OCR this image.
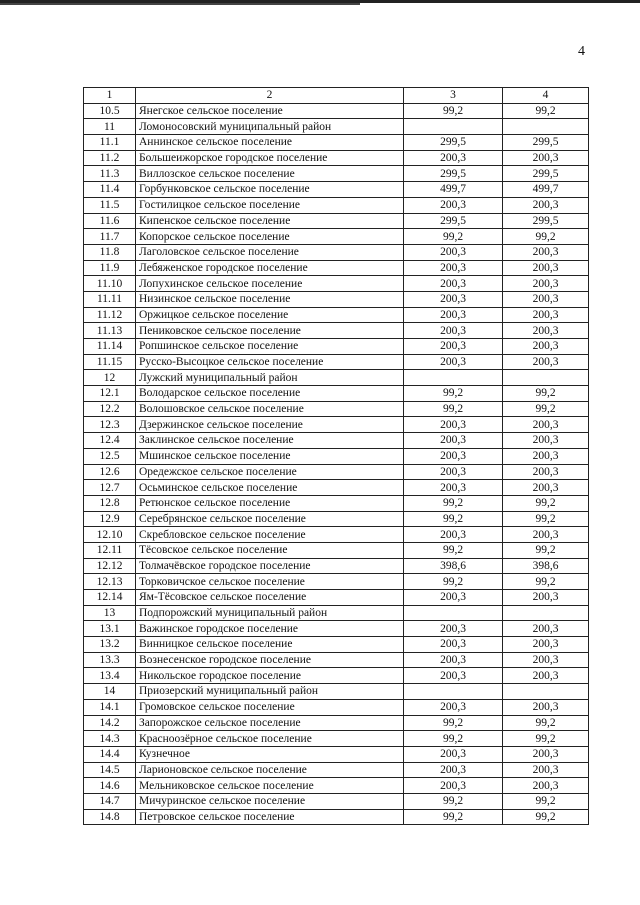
4
1	2	3	4
10.5	Янегское сельское поселение	99,2	99,2
11	Ломоносовский муниципальный район		
11.1	Аннинское сельское поселение	299,5	299,5
11.2	Большеижорское городское поселение	200,3	200,3
11.3	Виллозское сельское поселение	299,5	299,5
11.4	Горбунковское сельское поселение	499,7	499,7
11.5	Гостилицкое сельское поселение	200,3	200,3
11.6	Кипенское сельское поселение	299,5	299,5
11.7	Копорское сельское поселение	99,2	99,2
11.8	Лаголовское сельское поселение	200,3	200,3
11.9	Лебяженское городское поселение	200,3	200,3
11.10	Лопухинское сельское поселение	200,3	200,3
11.11	Низинское сельское поселение	200,3	200,3
11.12	Оржицкое сельское поселение	200,3	200,3
11.13	Пениковское сельское поселение	200,3	200,3
11.14	Ропшинское сельское поселение	200,3	200,3
11.15	Русско-Высоцкое сельское поселение	200,3	200,3
12	Лужский муниципальный район		
12.1	Володарское сельское поселение	99,2	99,2
12.2	Волошовское сельское поселение	99,2	99,2
12.3	Дзержинское сельское поселение	200,3	200,3
12.4	Заклинское сельское поселение	200,3	200,3
12.5	Мшинское сельское поселение	200,3	200,3
12.6	Оредежское сельское поселение	200,3	200,3
12.7	Осьминское сельское поселение	200,3	200,3
12.8	Ретюнское сельское поселение	99,2	99,2
12.9	Серебрянское сельское поселение	99,2	99,2
12.10	Скребловское сельское поселение	200,3	200,3
12.11	Тёсовское сельское поселение	99,2	99,2
12.12	Толмачёвское городское поселение	398,6	398,6
12.13	Торковичское сельское поселение	99,2	99,2
12.14	Ям-Тёсовское сельское поселение	200,3	200,3
13	Подпорожский муниципальный район		
13.1	Важинское городское поселение	200,3	200,3
13.2	Винницкое сельское поселение	200,3	200,3
13.3	Вознесенское городское поселение	200,3	200,3
13.4	Никольское городское поселение	200,3	200,3
14	Приозерский муниципальный район		
14.1	Громовское сельское поселение	200,3	200,3
14.2	Запорожское сельское поселение	99,2	99,2
14.3	Красноозёрное сельское поселение	99,2	99,2
14.4	Кузнечное	200,3	200,3
14.5	Ларионовское сельское поселение	200,3	200,3
14.6	Мельниковское сельское поселение	200,3	200,3
14.7	Мичуринское сельское поселение	99,2	99,2
14.8	Петровское сельское поселение	99,2	99,2
